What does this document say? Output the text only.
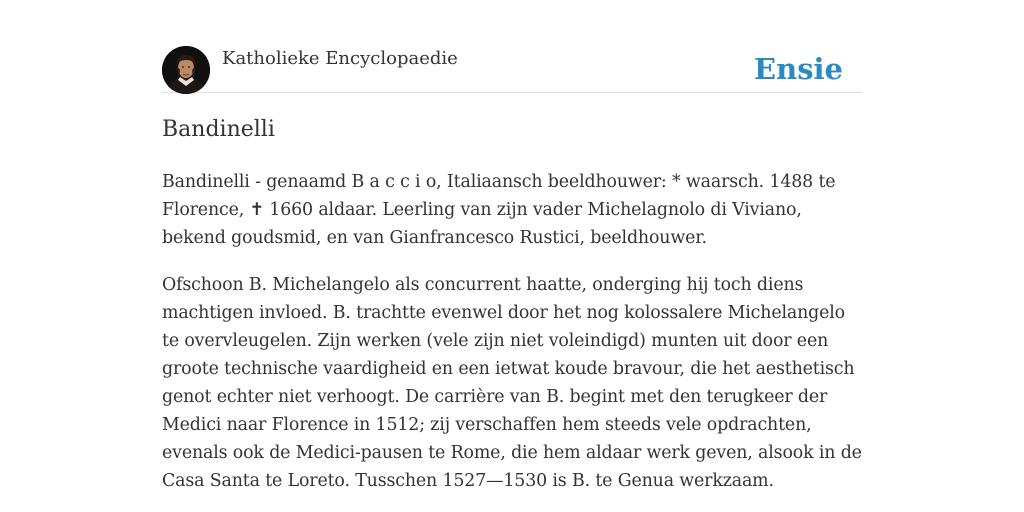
Katholieke Encyclopaedie	Ensie
Bandinelli

Bandinelli - genaamd B a c c i o, Italiaansch beeldhouwer: * waarsch. 1488 te Florence, ✝ 1660 aldaar. Leerling van zijn vader Michelagnolo di Viviano, bekend goudsmid, en van Gianfrancesco Rustici, beeldhouwer.

Ofschoon B. Michelangelo als concurrent haatte, onderging hij toch diens machtigen invloed. B. trachtte evenwel door het nog kolossalere Michelangelo te overvleugelen. Zijn werken (vele zijn niet voleindigd) munten uit door een groote technische vaardigheid en een ietwat koude bravour, die het aesthetisch genot echter niet verhoogt. De carrière van B. begint met den terugkeer der Medici naar Florence in 1512; zij verschaffen hem steeds vele opdrachten, evenals ook de Medici-pausen te Rome, die hem aldaar werk geven, alsook in de Casa Santa te Loreto. Tusschen 1527—1530 is B. te Genua werkzaam.
